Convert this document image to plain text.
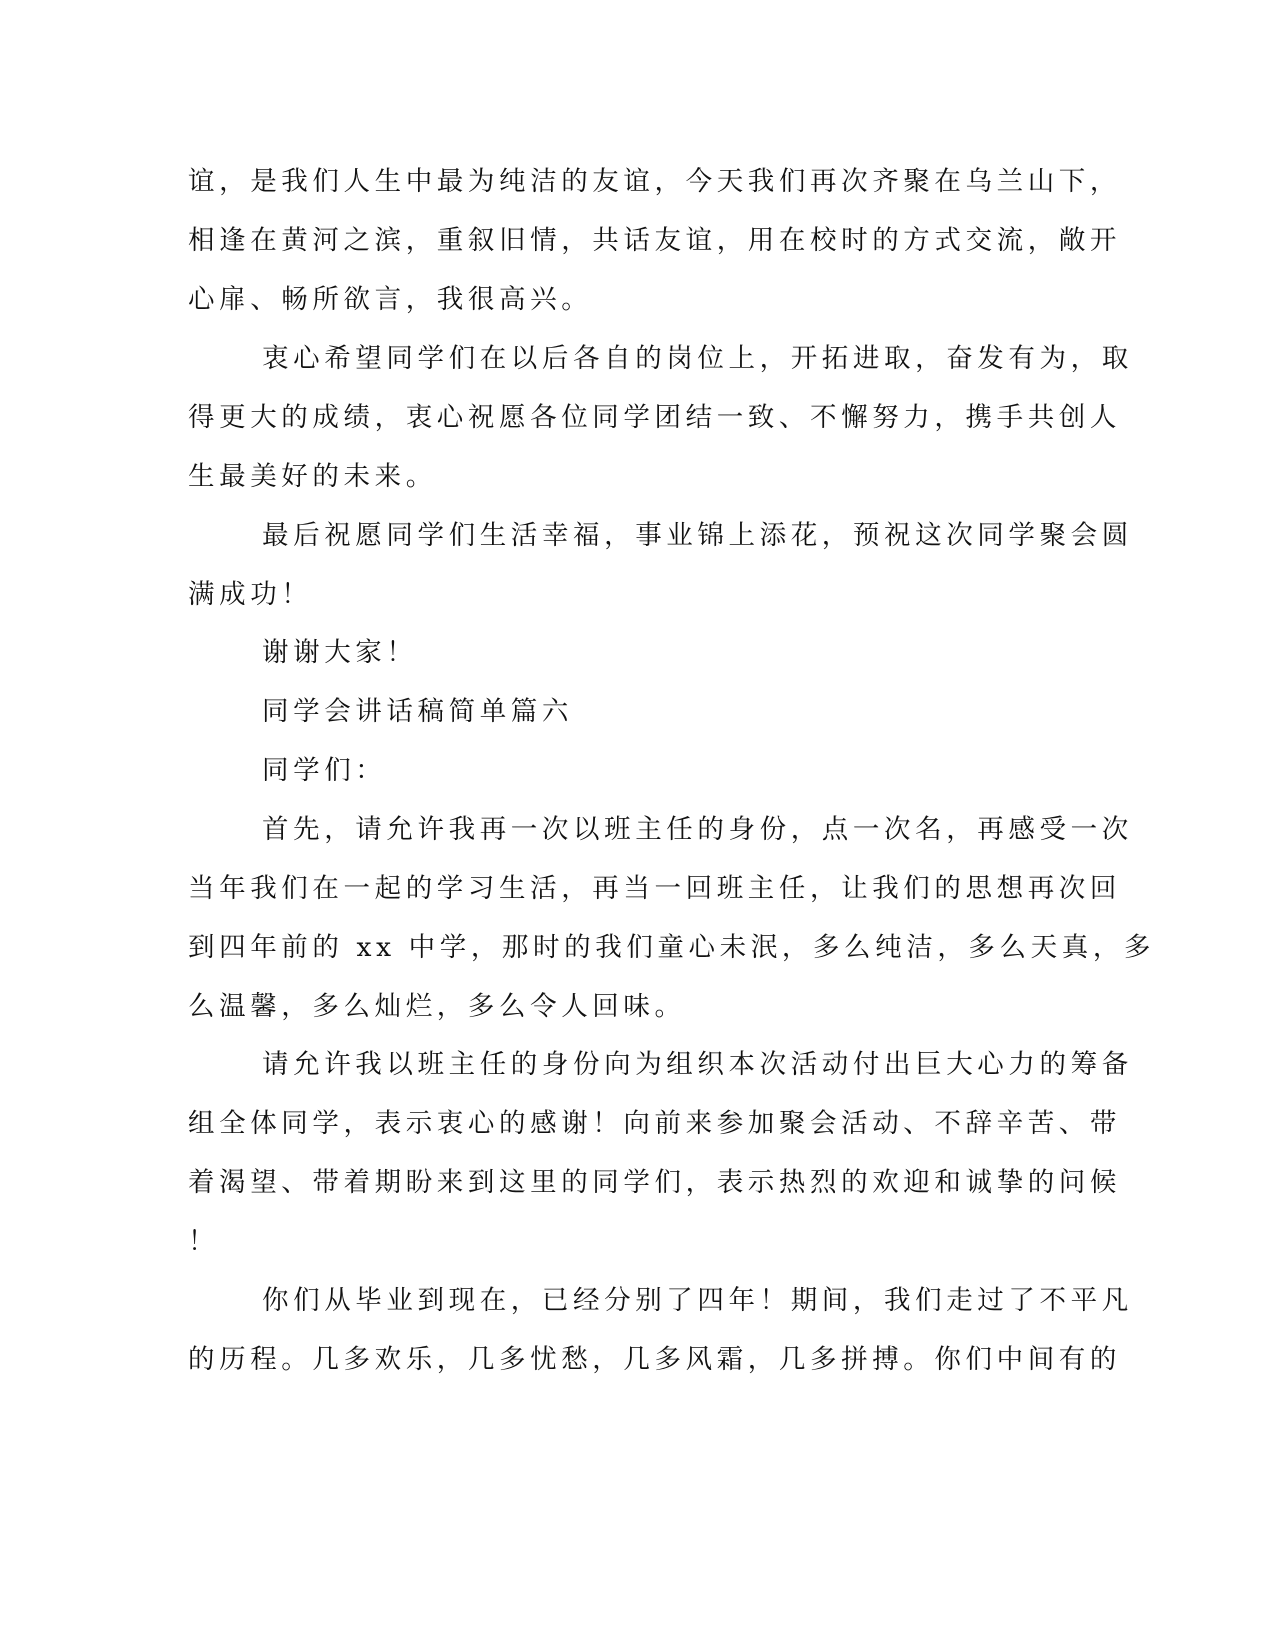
谊，是我们人生中最为纯洁的友谊，今天我们再次齐聚在乌兰山下，
相逢在黄河之滨，重叙旧情，共话友谊，用在校时的方式交流，敞开
心扉、畅所欲言，我很高兴。
衷心希望同学们在以后各自的岗位上，开拓进取，奋发有为，取
得更大的成绩，衷心祝愿各位同学团结一致、不懈努力，携手共创人
生最美好的未来。
最后祝愿同学们生活幸福，事业锦上添花，预祝这次同学聚会圆
满成功！
谢谢大家！
同学会讲话稿简单篇六
同学们：
首先，请允许我再一次以班主任的身份，点一次名，再感受一次
当年我们在一起的学习生活，再当一回班主任，让我们的思想再次回
到四年前的 xx 中学，那时的我们童心未泯，多么纯洁，多么天真，多
么温馨，多么灿烂，多么令人回味。
请允许我以班主任的身份向为组织本次活动付出巨大心力的筹备
组全体同学，表示衷心的感谢！向前来参加聚会活动、不辞辛苦、带
着渴望、带着期盼来到这里的同学们，表示热烈的欢迎和诚挚的问候
！
你们从毕业到现在，已经分别了四年！期间，我们走过了不平凡
的历程。几多欢乐，几多忧愁，几多风霜，几多拼搏。你们中间有的
